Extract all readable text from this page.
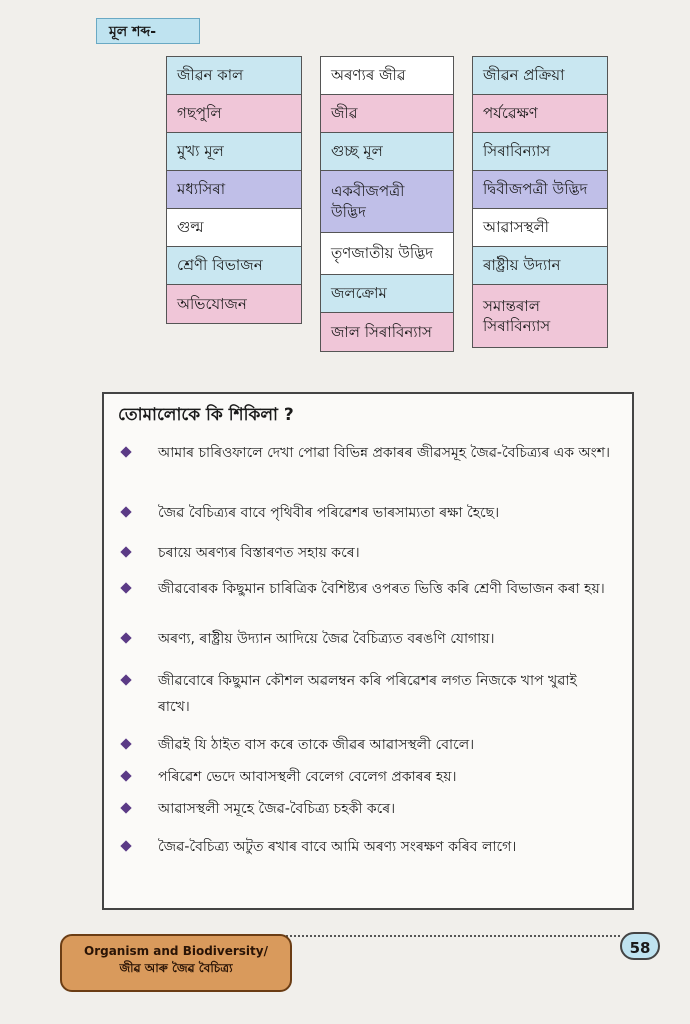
মূল শব্দ-
জীৱন কাল
গছপুলি
মুখ্য মূল
মধ্যসিৰা
গুল্ম
শ্ৰেণী বিভাজন
অভিযোজন
অৰণ্যৰ জীৱ
জীৱ
গুচ্ছ মূল
একবীজপত্ৰী উদ্ভিদ
তৃণজাতীয় উদ্ভিদ
জলক্ৰোম
জাল সিৰাবিন্যাস
জীৱন প্ৰক্ৰিয়া
পৰ্যৱেক্ষণ
সিৰাবিন্যাস
দ্বিবীজপত্ৰী উদ্ভিদ
আৱাসস্থলী
ৰাষ্ট্ৰীয় উদ্যান
সমান্তৰাল সিৰাবিন্যাস
তোমালোকে কি শিকিলা ?
আমাৰ চাৰিওফালে দেখা পোৱা বিভিন্ন প্ৰকাৰৰ জীৱসমূহ জৈৱ-বৈচিত্ৰ্যৰ এক অংশ।
জৈৱ বৈচিত্ৰ্যৰ বাবে পৃথিবীৰ পৰিৱেশৰ ভাৰসাম্যতা ৰক্ষা হৈছে।
চৰায়ে অৰণ্যৰ বিস্তাৰণত সহায় কৰে।
জীৱবোৰক কিছুমান চাৰিত্ৰিক বৈশিষ্ট্যৰ ওপৰত ভিত্তি কৰি শ্ৰেণী বিভাজন কৰা হয়।
অৰণ্য, ৰাষ্ট্ৰীয় উদ্যান আদিয়ে জৈৱ বৈচিত্ৰ্যত বৰঙণি যোগায়।
জীৱবোৰে কিছুমান কৌশল অৱলম্বন কৰি পৰিৱেশৰ লগত নিজকে খাপ খুৱাই ৰাখে।
জীৱই যি ঠাইত বাস কৰে তাকে জীৱৰ আৱাসস্থলী বোলে।
পৰিৱেশ ভেদে আবাসস্থলী বেলেগ বেলেগ প্ৰকাৰৰ হয়।
আৱাসস্থলী সমূহে জৈৱ-বৈচিত্ৰ্য চহকী কৰে।
জৈৱ-বৈচিত্ৰ্য অটুত ৰখাৰ বাবে আমি অৰণ্য সংৰক্ষণ কৰিব লাগে।
Organism and Biodiversity/
জীৱ আৰু জৈৱ বৈচিত্ৰ্য
58
